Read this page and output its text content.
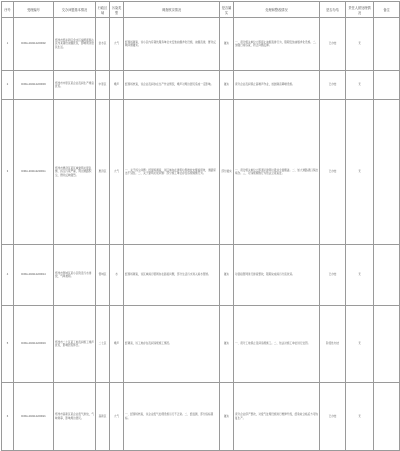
序号	受理编号	交办问题基本情况	行政区域	污染类型	调查核实情况	是否属实	处理和整改情况	是否办结	责任人被处理情况	备注
1	D36A-202112220002	郑州市郑东新区金水区福源嘉园小区内某餐饮油烟扰民，影响周边居民生活。	金水区	大气	经现场调查，该小区内有餐饮服务单位未安装油烟净化设施，油烟直排，群众反映问题属实。	属实	一、责令相关单位立即停止油烟直排行为，限期安装油烟净化设施。二、加强日常巡查，防止问题反弹。	已办结	无	
2	D36A-202112220003	郑州市中原区某企业夜间生产噪音扰民。	中原区	噪声	经现场核查，该企业夜间存在生产作业情况，噪声对周边居民造成一定影响。	属实	责令企业夜间停止高噪声作业，加装隔音降噪设施。	已办结	无	
3	D36A-202112220011	郑州市惠济区某区域建筑垃圾乱倒、扬尘污染严重，周边道路积尘，群众反映强烈。	惠济区	大气	一、关于扬尘问题：经现场调查，该区域存在建筑垃圾堆放未覆盖现象，道路保洁不到位。二、关于建筑垃圾问题：部分施工单位存在违规倾倒行为。	部分属实	一、责令相关单位立即清运建筑垃圾并全面覆盖。二、加大道路清扫保洁频次。三、对违规倾倒行为依法立案查处。	已办结	无	
4	D36A-202112220014	郑州市管城区某小区附近污水排放，气味难闻。	管城区	水	经现场调查，该区域雨污管网存在混接问题，部分生活污水进入雨水管道。	属实	对混接管网进行排查整改，限期完成雨污分流改造。	已办结	无	
5	D36A-202112220019	郑州市二七区某工地夜间施工噪声扰民，影响居民休息。	二七区	噪声	经调查，该工地存在夜间违规施工情况。	属实	一、责令工地停止夜间违规施工。二、依法对施工单位进行处罚。	阶段性办结	无	
6	D36A-202112220021	郑州市高新区某企业废气排放，气味刺鼻，影响周边居民。	高新区	大气	一、经现场核查，该企业废气处理设施运行不正常。二、经监测，部分指标超标。	属实	责令企业停产整改，对废气处理设施进行维修升级，经验收合格后方可恢复生产。	已办结	无	
